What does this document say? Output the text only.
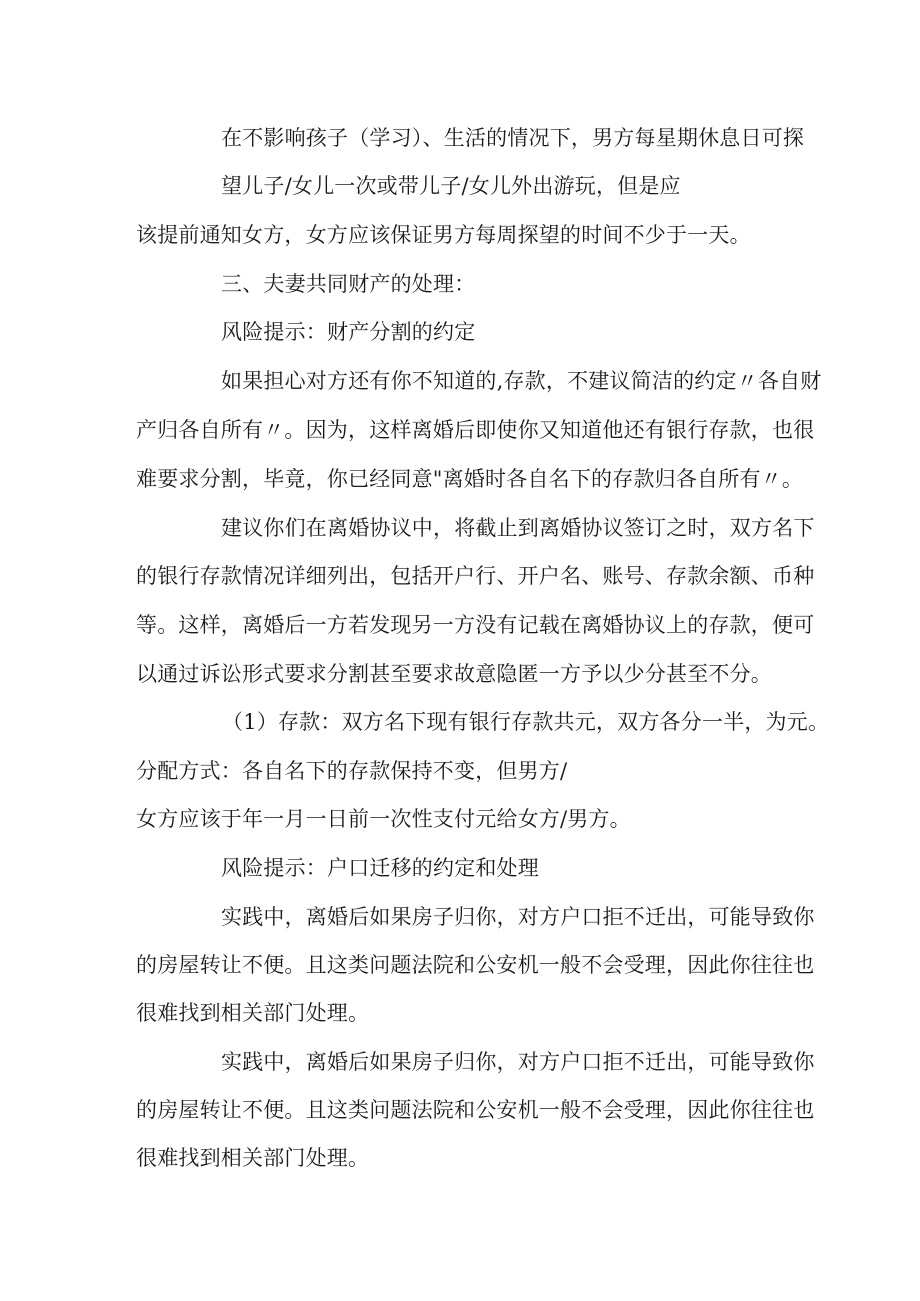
在不影响孩子（学习）、生活的情况下，男方每星期休息日可探
望儿子/女儿一次或带儿子/女儿外出游玩，但是应
该提前通知女方，女方应该保证男方每周探望的时间不少于一天。
三、夫妻共同财产的处理：
风险提示：财产分割的约定
如果担心对方还有你不知道的,存款，不建议简洁的约定〃各自财
产归各自所有〃。因为，这样离婚后即使你又知道他还有银行存款，也很
难要求分割，毕竟，你已经同意"离婚时各自名下的存款归各自所有〃。
建议你们在离婚协议中，将截止到离婚协议签订之时，双方名下
的银行存款情况详细列出，包括开户行、开户名、账号、存款余额、币种
等。这样，离婚后一方若发现另一方没有记载在离婚协议上的存款，便可
以通过诉讼形式要求分割甚至要求故意隐匿一方予以少分甚至不分。
（1）存款：双方名下现有银行存款共元，双方各分一半，为元。
分配方式：各自名下的存款保持不变，但男方/
女方应该于年一月一日前一次性支付元给女方/男方。
风险提示：户口迁移的约定和处理
实践中，离婚后如果房子归你，对方户口拒不迁出，可能导致你
的房屋转让不便。且这类问题法院和公安机一般不会受理，因此你往往也
很难找到相关部门处理。
实践中，离婚后如果房子归你，对方户口拒不迁出，可能导致你
的房屋转让不便。且这类问题法院和公安机一般不会受理，因此你往往也
很难找到相关部门处理。
